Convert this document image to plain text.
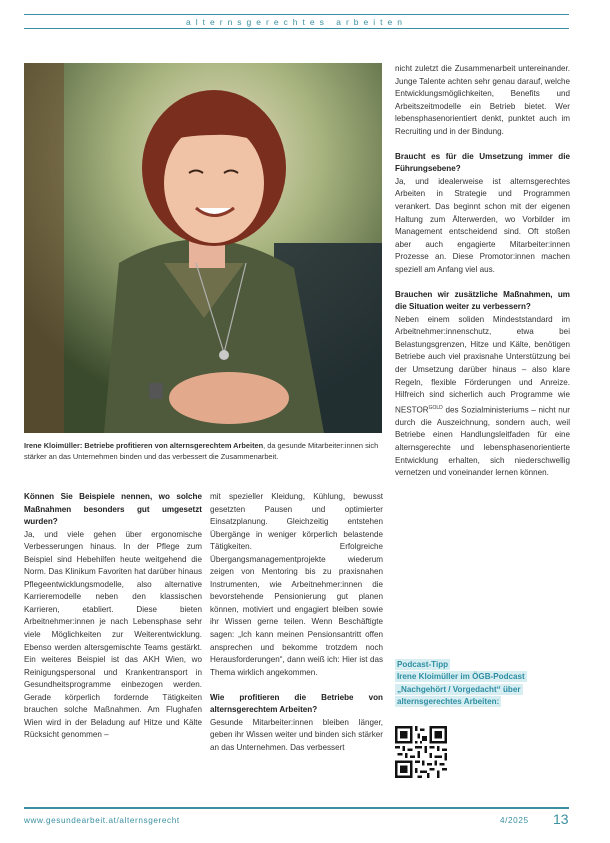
alternsgerechtes arbeiten
Irene Kloimüller: Betriebe profitieren von alternsgerechtem Arbeiten, da gesunde Mitarbeiter:innen sich stärker an das Unternehmen binden und das verbessert die Zusammenarbeit.

Können Sie Beispiele nennen, wo solche Maßnahmen besonders gut umgesetzt wurden?

Ja, und viele gehen über ergonomische Verbesserungen hinaus. In der Pflege zum Beispiel sind Hebehilfen heute weitgehend die Norm. Das Klinikum Favoriten hat darüber hinaus Pflegeentwicklungsmodelle, also alternative Karrieremodelle neben den klassischen Karrieren, etabliert. Diese bieten Arbeitnehmer:innen je nach Lebensphase sehr viele Möglichkeiten zur Weiterentwicklung. Ebenso werden altersgemischte Teams gestärkt. Ein weiteres Beispiel ist das AKH Wien, wo Reinigungspersonal und Krankentransport in Gesundheitsprogramme einbezogen werden. Gerade körperlich fordernde Tätigkeiten brauchen solche Maßnahmen. Am Flughafen Wien wird in der Beladung auf Hitze und Kälte Rücksicht genommen –

mit spezieller Kleidung, Kühlung, bewusst gesetzten Pausen und optimierter Einsatzplanung. Gleichzeitig entstehen Übergänge in weniger körperlich belastende Tätigkeiten. Erfolgreiche Übergangsmanagementprojekte wiederum zeigen von Mentoring bis zu praxisnahen Instrumenten, wie Arbeitnehmer:innen die bevorstehende Pensionierung gut planen können, motiviert und engagiert bleiben sowie ihr Wissen gerne teilen. Wenn Beschäftigte sagen: „Ich kann meinen Pensionsantritt offen ansprechen und bekomme trotzdem noch Herausforderungen“, dann weiß ich: Hier ist das Thema wirklich angekommen.

Wie profitieren die Betriebe von alternsgerechtem Arbeiten?

Gesunde Mitarbeiter:innen bleiben länger, geben ihr Wissen weiter und binden sich stärker an das Unternehmen. Das verbessert

nicht zuletzt die Zusammenarbeit untereinander. Junge Talente achten sehr genau darauf, welche Entwicklungsmöglichkeiten, Benefits und Arbeitszeitmodelle ein Betrieb bietet. Wer lebensphasenorientiert denkt, punktet auch im Recruiting und in der Bindung.

Braucht es für die Umsetzung immer die Führungsebene?

Ja, und idealerweise ist alternsgerechtes Arbeiten in Strategie und Programmen verankert. Das beginnt schon mit der eigenen Haltung zum Älterwerden, wo Vorbilder im Management entscheidend sind. Oft stoßen aber auch engagierte Mitarbeiter:innen Prozesse an. Diese Promotor:innen machen speziell am Anfang viel aus.

Brauchen wir zusätzliche Maßnahmen, um die Situation weiter zu verbessern?

Neben einem soliden Mindeststandard im Arbeitnehmer:innenschutz, etwa bei Belastungsgrenzen, Hitze und Kälte, benötigen Betriebe auch viel praxisnahe Unterstützung bei der Umsetzung darüber hinaus – also klare Regeln, flexible Förderungen und Anreize. Hilfreich sind sicherlich auch Programme wie $NESTOR^{GOLD}$ des Sozialministeriums – nicht nur durch die Auszeichnung, sondern auch, weil Betriebe einen Handlungsleitfaden für eine alternsgerechte und lebensphasenorientierte Entwicklung erhalten, sich niederschwellig vernetzen und voneinander lernen können.

Podcast-Tipp
Irene Kloimüller im ÖGB-Podcast
„Nachgehört / Vorgedacht“ über
alternsgerechtes Arbeiten:
www.gesundearbeit.at/alternsgerecht	4/2025 13
